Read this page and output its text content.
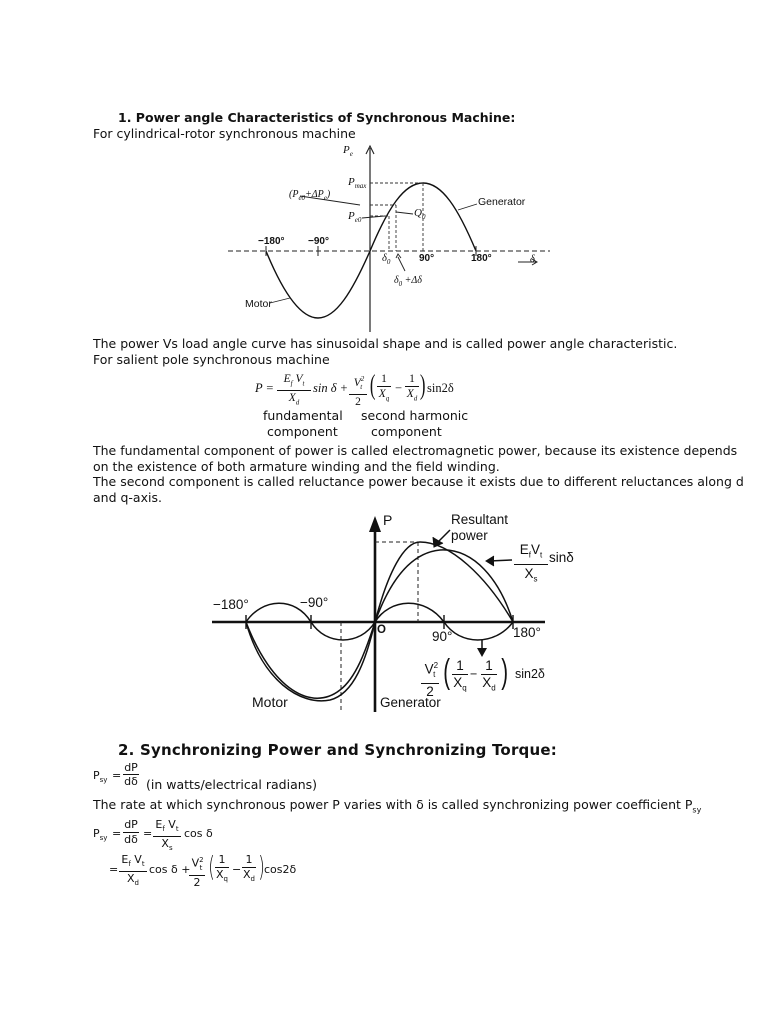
1. Power angle Characteristics of Synchronous Machine:
For cylindrical-rotor synchronous machine
$P_e$
$P_{max}$
$(P_{e0}+\Delta P_e)$
$P_{e0}$
$Q_0$
Generator
Motor
−180° −90°
90°	180°
$\delta_0$
$\delta_0 +\Delta\delta$
δ
The power Vs load angle curve has sinusoidal shape and is called power angle characteristic.
For salient pole synchronous machine
$P = \frac{E_f V_t}{X_d}$ $\sin \delta + \frac{V^2_t}{2}$ ( $\frac{1}{X_q} - \frac{1}{X_d}$ ) sin2δ
fundamental
component
second harmonic
component
The fundamental component of power is called electromagnetic power, because its existence depends
on the existence of both armature winding and the field winding.
The second component is called reluctance power because it exists due to different reluctances along d
and q-axis.
P	Resultant
power
$E_fV_t$
$X_s$
sinδ
−180°	−90°
O	90°	180°
$\frac{V^2_t}{2}$ ( $\frac{1}{X_q} - \frac{1}{X_d}$ ) sin2δ
Motor	Generator
2. Synchronizing Power and Synchronizing Torque:
$P_{sy} = \frac{dP}{d\delta} (in$ watts/electrical radians)
The rate at which synchronous power P varies with δ is called synchronizing power coefficient $P_{sy}$
$P_{sy} = \frac{dP}{d\delta} = \frac{E_f V_t}{X_s}$ cos δ
= $\frac{E_f V_t}{X_d}$ cos δ +
$\frac{V^2_t}{2}$ ( $\frac{1}{X_q} - \frac{1}{X_d}$ ) cos2δ
